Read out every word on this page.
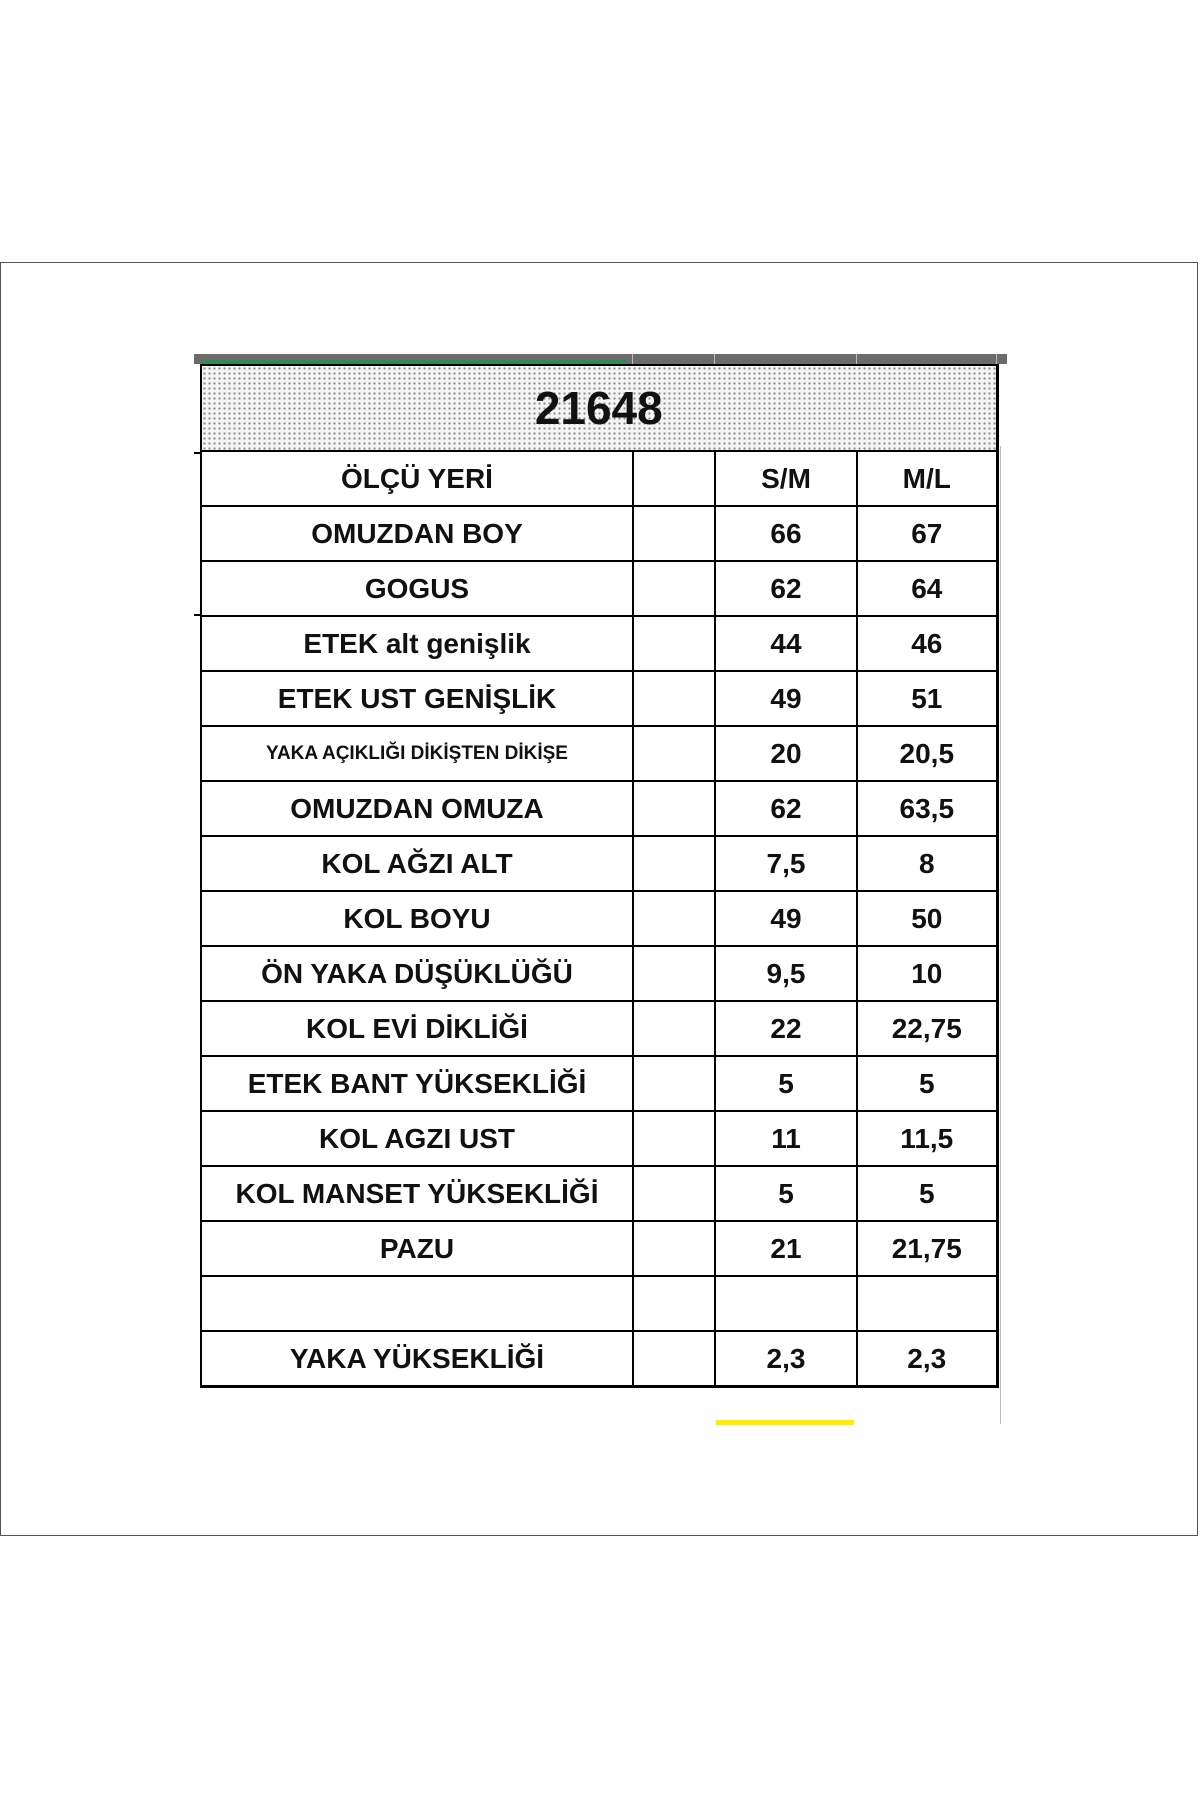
21648			
ÖLÇÜ YERİ		S/M	M/L
OMUZDAN BOY		66	67
GOGUS		62	64
ETEK alt genişlik		44	46
ETEK UST GENİŞLİK		49	51
YAKA AÇIKLIĞI DİKİŞTEN DİKİŞE		20	20,5
OMUZDAN OMUZA		62	63,5
KOL AĞZI ALT		7,5	8
KOL BOYU		49	50
ÖN YAKA DÜŞÜKLÜĞÜ		9,5	10
KOL EVİ DİKLİĞİ		22	22,75
ETEK BANT YÜKSEKLİĞİ		5	5
KOL AGZI UST		11	11,5
KOL MANSET YÜKSEKLİĞİ		5	5
PAZU		21	21,75

YAKA YÜKSEKLİĞİ		2,3	2,3
